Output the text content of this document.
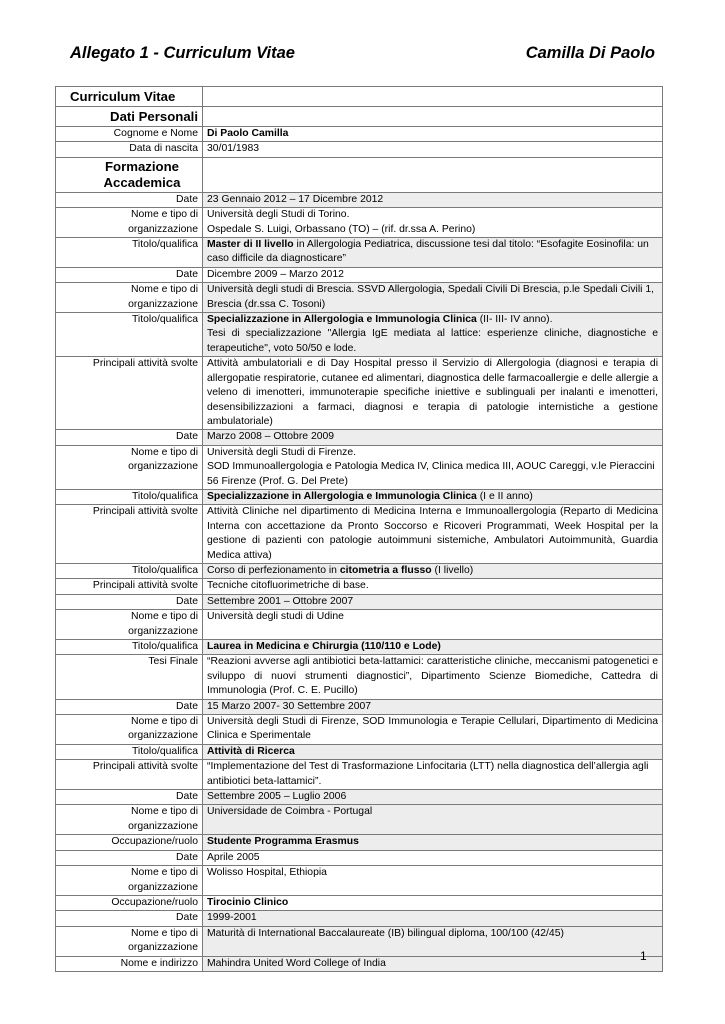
Allegato 1 - Curriculum Vitae	Camilla Di Paolo
Curriculum Vitae	
Dati Personali	
Cognome e Nome	Di Paolo Camilla
Data di nascita	30/01/1983
Formazione Accademica	
Date	23 Gennaio 2012 – 17 Dicembre 2012
Nome e tipo di organizzazione	Università degli Studi di Torino.
Ospedale S. Luigi, Orbassano (TO) – (rif. dr.ssa A. Perino)
Titolo/qualifica	Master di II livello in Allergologia Pediatrica, discussione tesi dal titolo: “Esofagite Eosinofila: un caso difficile da diagnosticare”
Date	Dicembre 2009 – Marzo 2012
Nome e tipo di organizzazione	Università degli studi di Brescia. SSVD Allergologia, Spedali Civili Di Brescia, p.le Spedali Civili 1, Brescia (dr.ssa C. Tosoni)
Titolo/qualifica	Specializzazione in Allergologia e Immunologia Clinica (II- III- IV anno).
Tesi di specializzazione "Allergia IgE mediata al lattice: esperienze cliniche, diagnostiche e terapeutiche", voto 50/50 e lode.
Principali attività svolte	Attività ambulatoriali e di Day Hospital presso il Servizio di Allergologia (diagnosi e terapia di allergopatie respiratorie, cutanee ed alimentari, diagnostica delle farmacoallergie e delle allergie a veleno di imenotteri, immunoterapie specifiche iniettive e sublinguali per inalanti e imenotteri, desensibilizzazioni a farmaci, diagnosi e terapia di patologie internistiche a gestione ambulatoriale)
Date	Marzo 2008 – Ottobre 2009
Nome e tipo di organizzazione	Università degli Studi di Firenze.
SOD Immunoallergologia e Patologia Medica IV, Clinica medica III, AOUC Careggi, v.le Pieraccini 56 Firenze (Prof. G. Del Prete)
Titolo/qualifica	Specializzazione in Allergologia e Immunologia Clinica (I e II anno)
Principali attività svolte	Attività Cliniche nel dipartimento di Medicina Interna e Immunoallergologia (Reparto di Medicina Interna con accettazione da Pronto Soccorso e Ricoveri Programmati, Week Hospital per la gestione di pazienti con patologie autoimmuni sistemiche, Ambulatori Autoimmunità, Guardia Medica attiva)
Titolo/qualifica	Corso di perfezionamento in citometria a flusso (I livello)
Principali attività svolte	Tecniche citofluorimetriche di base.
Date	Settembre 2001 – Ottobre 2007
Nome e tipo di organizzazione	Università degli studi di Udine
Titolo/qualifica	Laurea in Medicina e Chirurgia (110/110 e Lode)
Tesi Finale	“Reazioni avverse agli antibiotici beta-lattamici: caratteristiche cliniche, meccanismi patogenetici e sviluppo di nuovi strumenti diagnostici”, Dipartimento Scienze Biomediche, Cattedra di Immunologia (Prof. C. E. Pucillo)
Date	15 Marzo 2007- 30 Settembre 2007
Nome e tipo di organizzazione	Università degli Studi di Firenze, SOD Immunologia e Terapie Cellulari, Dipartimento di Medicina Clinica e Sperimentale
Titolo/qualifica	Attività di Ricerca
Principali attività svolte	“Implementazione del Test di Trasformazione Linfocitaria (LTT) nella diagnostica dell’allergia agli antibiotici beta-lattamici”.
Date	Settembre 2005 – Luglio 2006
Nome e tipo di organizzazione	Universidade de Coimbra - Portugal
Occupazione/ruolo	Studente Programma Erasmus
Date	Aprile 2005
Nome e tipo di organizzazione	Wolisso Hospital, Ethiopia
Occupazione/ruolo	Tirocinio Clinico
Date	1999-2001
Nome e tipo di organizzazione	Maturità di International Baccalaureate (IB) bilingual diploma, 100/100 (42/45)
Nome e indirizzo	Mahindra United Word College of India
1
